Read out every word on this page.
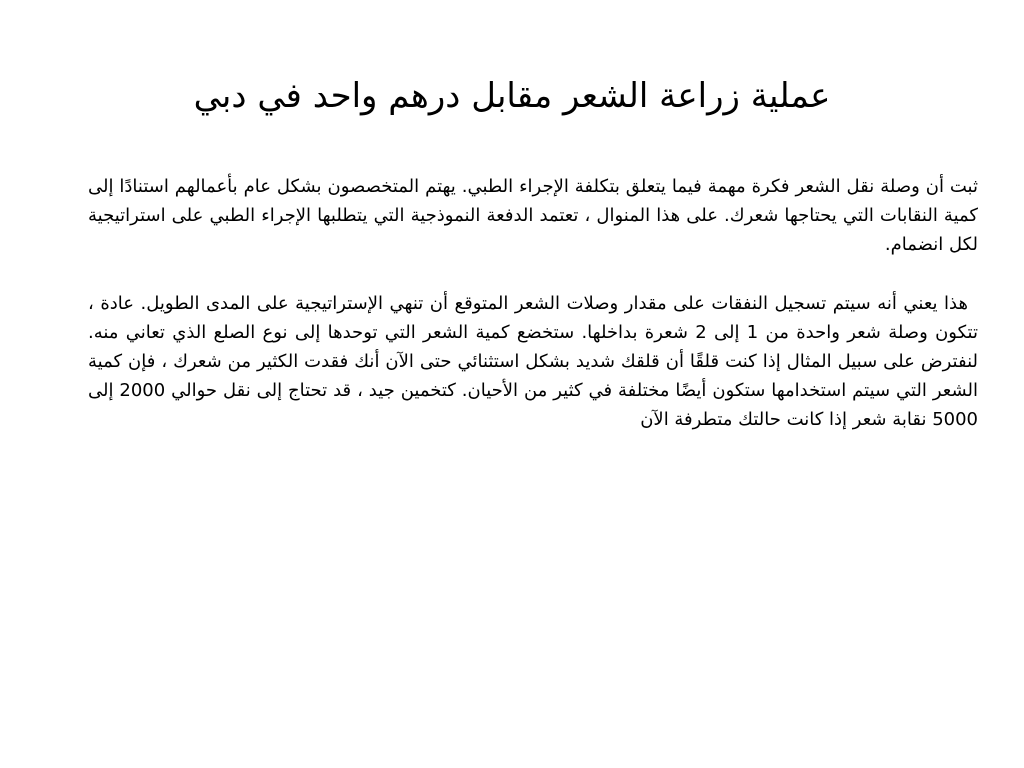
عملية زراعة الشعر مقابل درهم واحد في دبي

ثبت أن وصلة نقل الشعر فكرة مهمة فيما يتعلق بتكلفة الإجراء الطبي. يهتم المتخصصون بشكل عام بأعمالهم استنادًا إلى كمية النقابات التي يحتاجها شعرك. على هذا المنوال ، تعتمد الدفعة النموذجية التي يتطلبها الإجراء الطبي على استراتيجية لكل انضمام.

هذا يعني أنه سيتم تسجيل النفقات على مقدار وصلات الشعر المتوقع أن تنهي الإستراتيجية على المدى الطويل. عادة ، تتكون وصلة شعر واحدة من 1 إلى 2 شعرة بداخلها. ستخضع كمية الشعر التي توحدها إلى نوع الصلع الذي تعاني منه. لنفترض على سبيل المثال إذا كنت قلقًا أن قلقك شديد بشكل استثنائي حتى الآن أنك فقدت الكثير من شعرك ، فإن كمية الشعر التي سيتم استخدامها ستكون أيضًا مختلفة في كثير من الأحيان. كتخمين جيد ، قد تحتاج إلى نقل حوالي 2000 إلى 5000 نقابة شعر إذا كانت حالتك متطرفة الآن
